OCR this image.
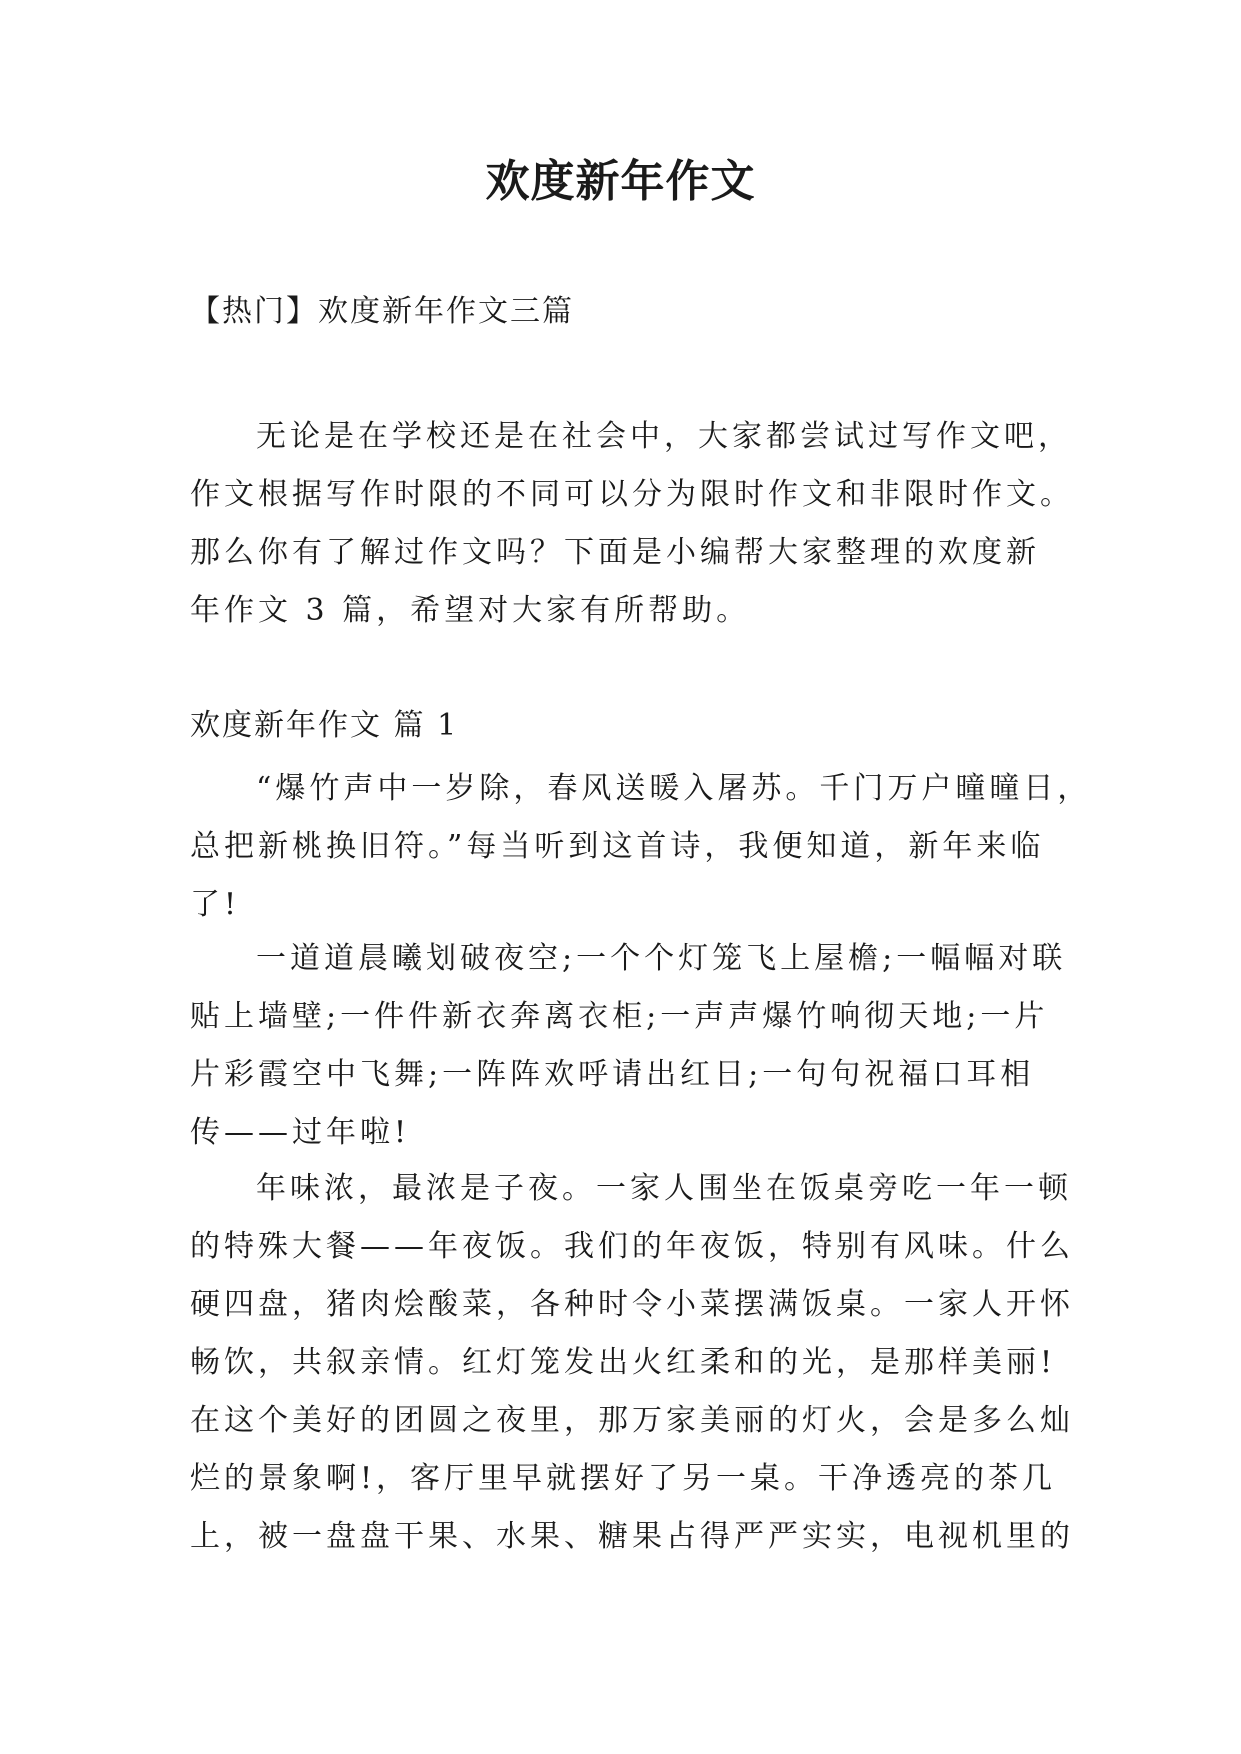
欢度新年作文

【热门】欢度新年作文三篇

无论是在学校还是在社会中，大家都尝试过写作文吧，
作文根据写作时限的不同可以分为限时作文和非限时作文。
那么你有了解过作文吗？下面是小编帮大家整理的欢度新
年作文 3 篇，希望对大家有所帮助。

欢度新年作文 篇 1

“爆竹声中一岁除，春风送暖入屠苏。千门万户曈曈日，
总把新桃换旧符。”每当听到这首诗，我便知道，新年来临
了!
一道道晨曦划破夜空;一个个灯笼飞上屋檐;一幅幅对联
贴上墙壁;一件件新衣奔离衣柜;一声声爆竹响彻天地;一片
片彩霞空中飞舞;一阵阵欢呼请出红日;一句句祝福口耳相
传——过年啦!
年味浓，最浓是子夜。一家人围坐在饭桌旁吃一年一顿
的特殊大餐——年夜饭。我们的年夜饭，特别有风味。什么
硬四盘，猪肉烩酸菜，各种时令小菜摆满饭桌。一家人开怀
畅饮，共叙亲情。红灯笼发出火红柔和的光，是那样美丽!
在这个美好的团圆之夜里，那万家美丽的灯火，会是多么灿
烂的景象啊!，客厅里早就摆好了另一桌。干净透亮的茶几
上，被一盘盘干果、水果、糖果占得严严实实，电视机里的
